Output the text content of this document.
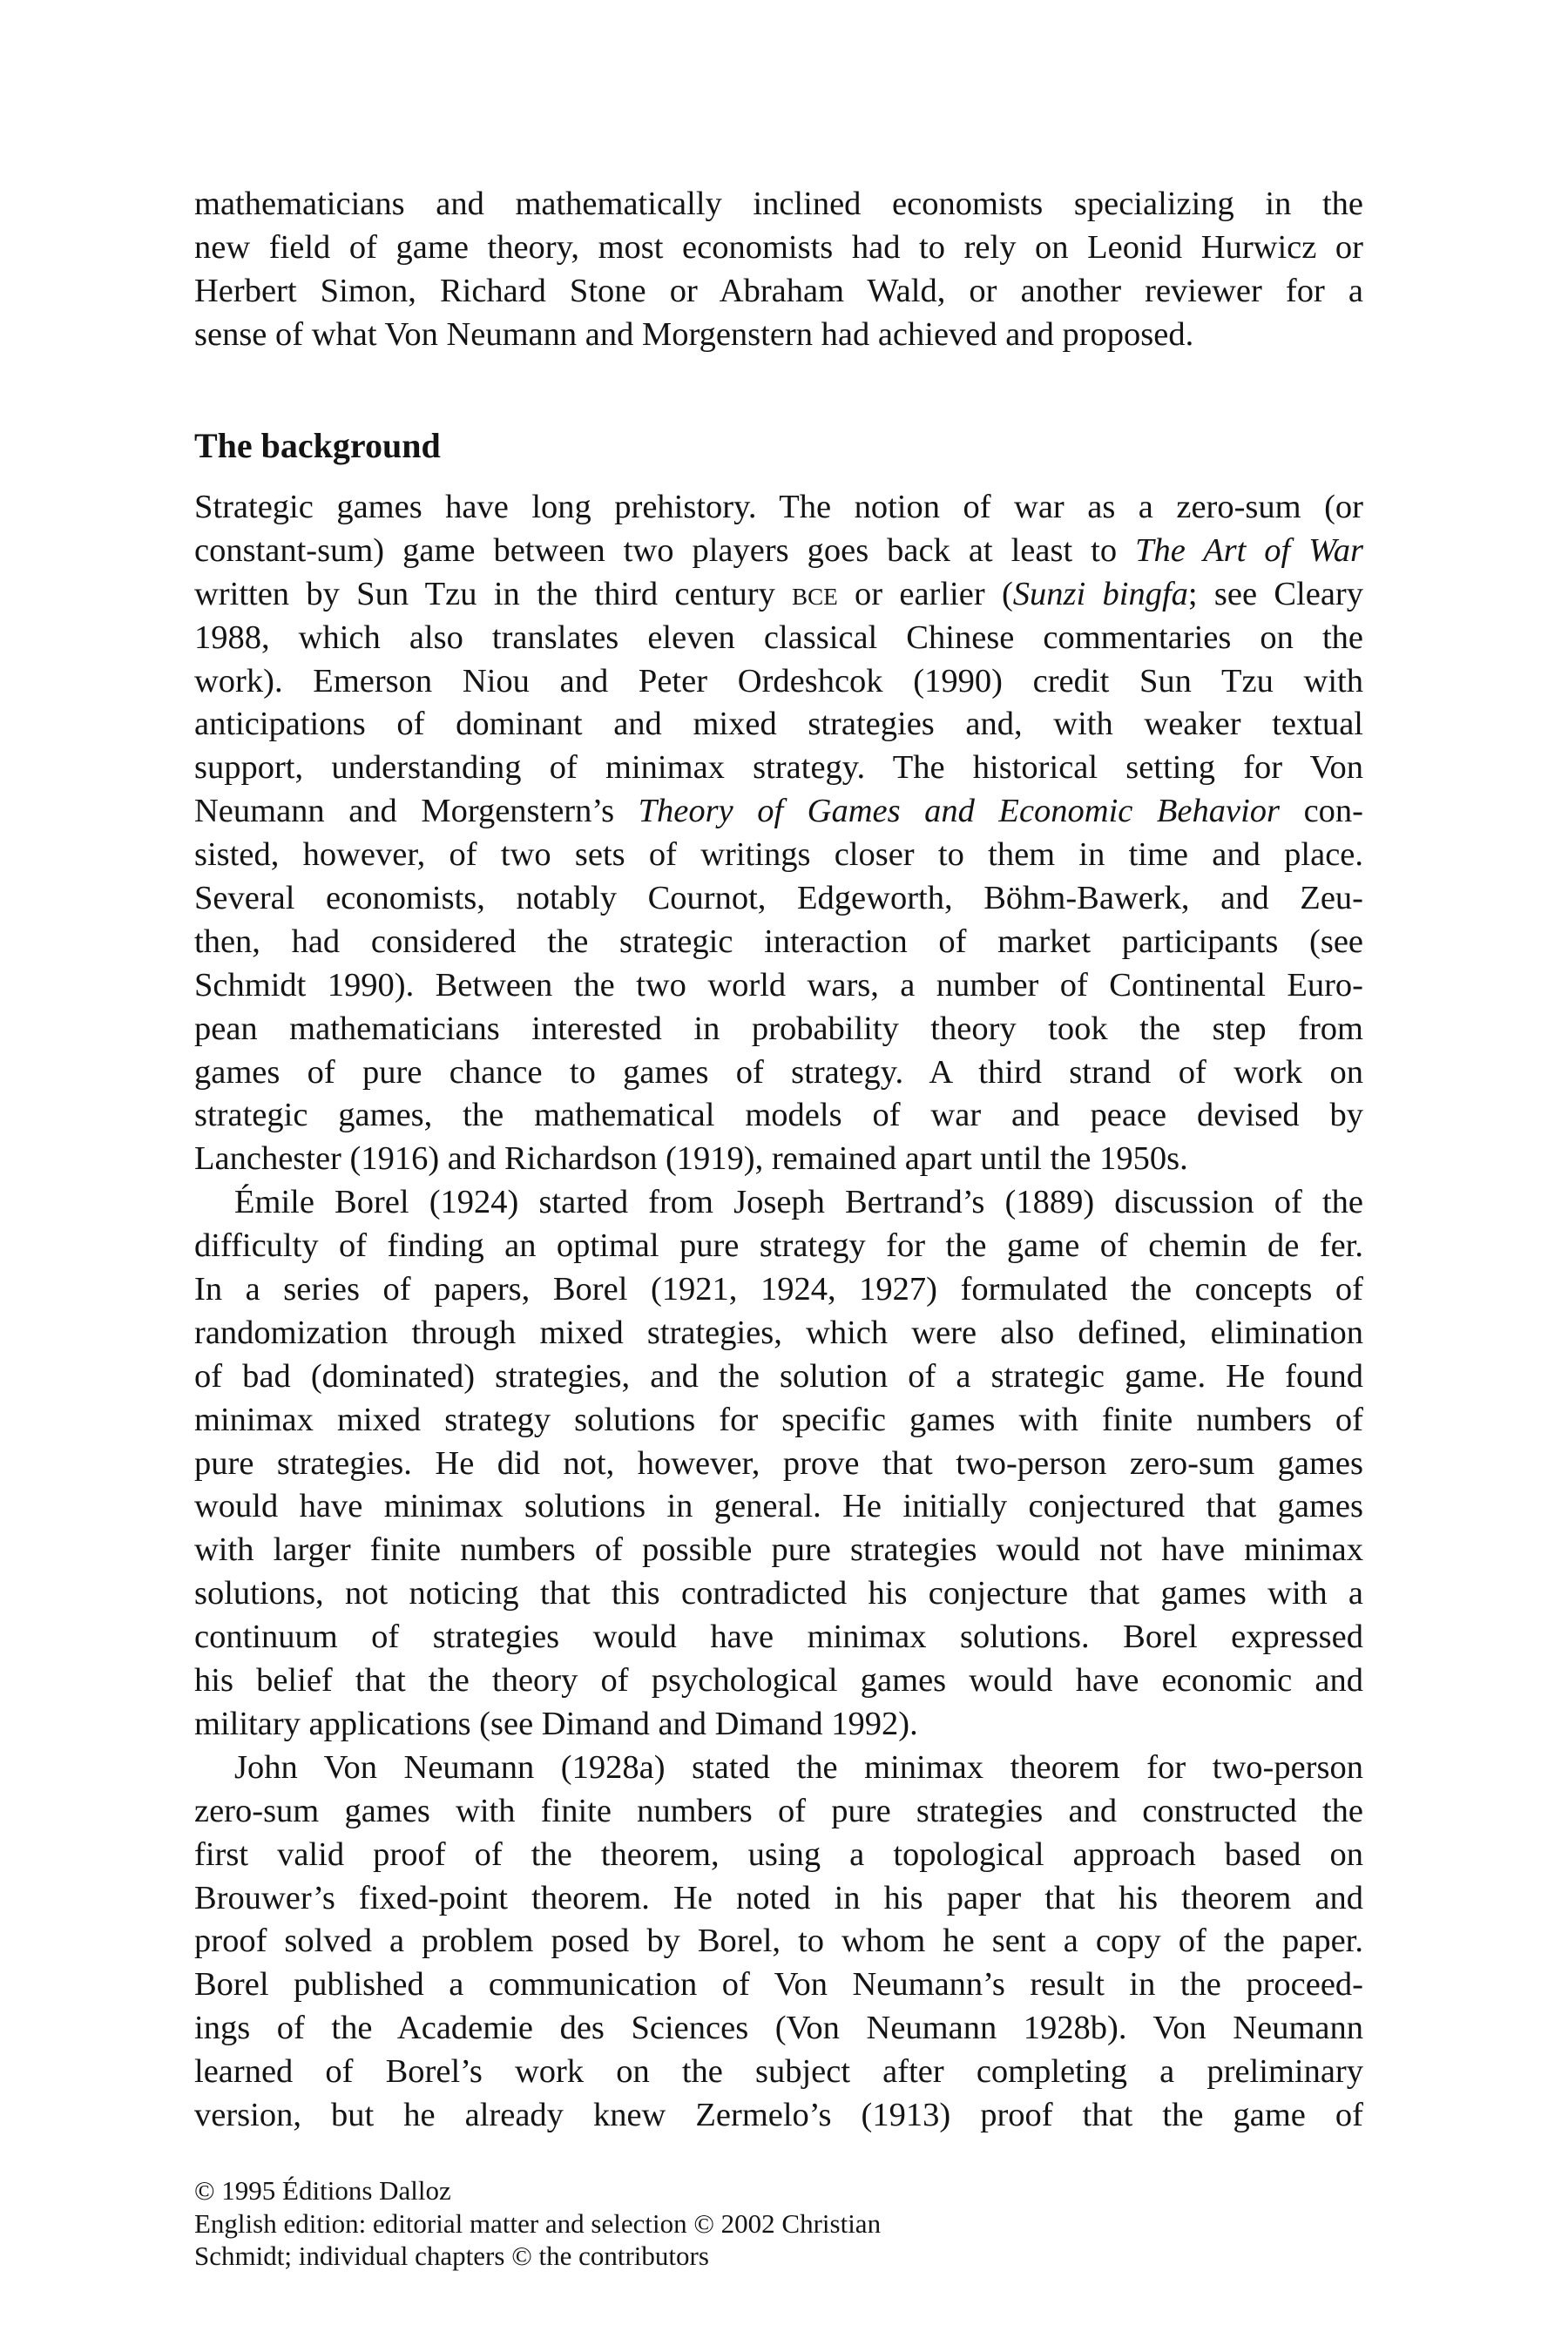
mathematicians and mathematically inclined economists specializing in the
new field of game theory, most economists had to rely on Leonid Hurwicz or
Herbert Simon, Richard Stone or Abraham Wald, or another reviewer for a
sense of what Von Neumann and Morgenstern had achieved and proposed.
The background
Strategic games have long prehistory. The notion of war as a zero-sum (or
constant-sum) game between two players goes back at least to The Art of War
written by Sun Tzu in the third century bce or earlier (Sunzi bingfa; see Cleary
1988, which also translates eleven classical Chinese commentaries on the
work). Emerson Niou and Peter Ordeshcok (1990) credit Sun Tzu with
anticipations of dominant and mixed strategies and, with weaker textual
support, understanding of minimax strategy. The historical setting for Von
Neumann and Morgenstern’s Theory of Games and Economic Behavior con-
sisted, however, of two sets of writings closer to them in time and place.
Several economists, notably Cournot, Edgeworth, Böhm-Bawerk, and Zeu-
then, had considered the strategic interaction of market participants (see
Schmidt 1990). Between the two world wars, a number of Continental Euro-
pean mathematicians interested in probability theory took the step from
games of pure chance to games of strategy. A third strand of work on
strategic games, the mathematical models of war and peace devised by
Lanchester (1916) and Richardson (1919), remained apart until the 1950s.
Émile Borel (1924) started from Joseph Bertrand’s (1889) discussion of the
difficulty of finding an optimal pure strategy for the game of chemin de fer.
In a series of papers, Borel (1921, 1924, 1927) formulated the concepts of
randomization through mixed strategies, which were also defined, elimination
of bad (dominated) strategies, and the solution of a strategic game. He found
minimax mixed strategy solutions for specific games with finite numbers of
pure strategies. He did not, however, prove that two-person zero-sum games
would have minimax solutions in general. He initially conjectured that games
with larger finite numbers of possible pure strategies would not have minimax
solutions, not noticing that this contradicted his conjecture that games with a
continuum of strategies would have minimax solutions. Borel expressed
his belief that the theory of psychological games would have economic and
military applications (see Dimand and Dimand 1992).
John Von Neumann (1928a) stated the minimax theorem for two-person
zero-sum games with finite numbers of pure strategies and constructed the
first valid proof of the theorem, using a topological approach based on
Brouwer’s fixed-point theorem. He noted in his paper that his theorem and
proof solved a problem posed by Borel, to whom he sent a copy of the paper.
Borel published a communication of Von Neumann’s result in the proceed-
ings of the Academie des Sciences (Von Neumann 1928b). Von Neumann
learned of Borel’s work on the subject after completing a preliminary
version, but he already knew Zermelo’s (1913) proof that the game of
© 1995 Éditions Dalloz
English edition: editorial matter and selection © 2002 Christian
Schmidt; individual chapters © the contributors
